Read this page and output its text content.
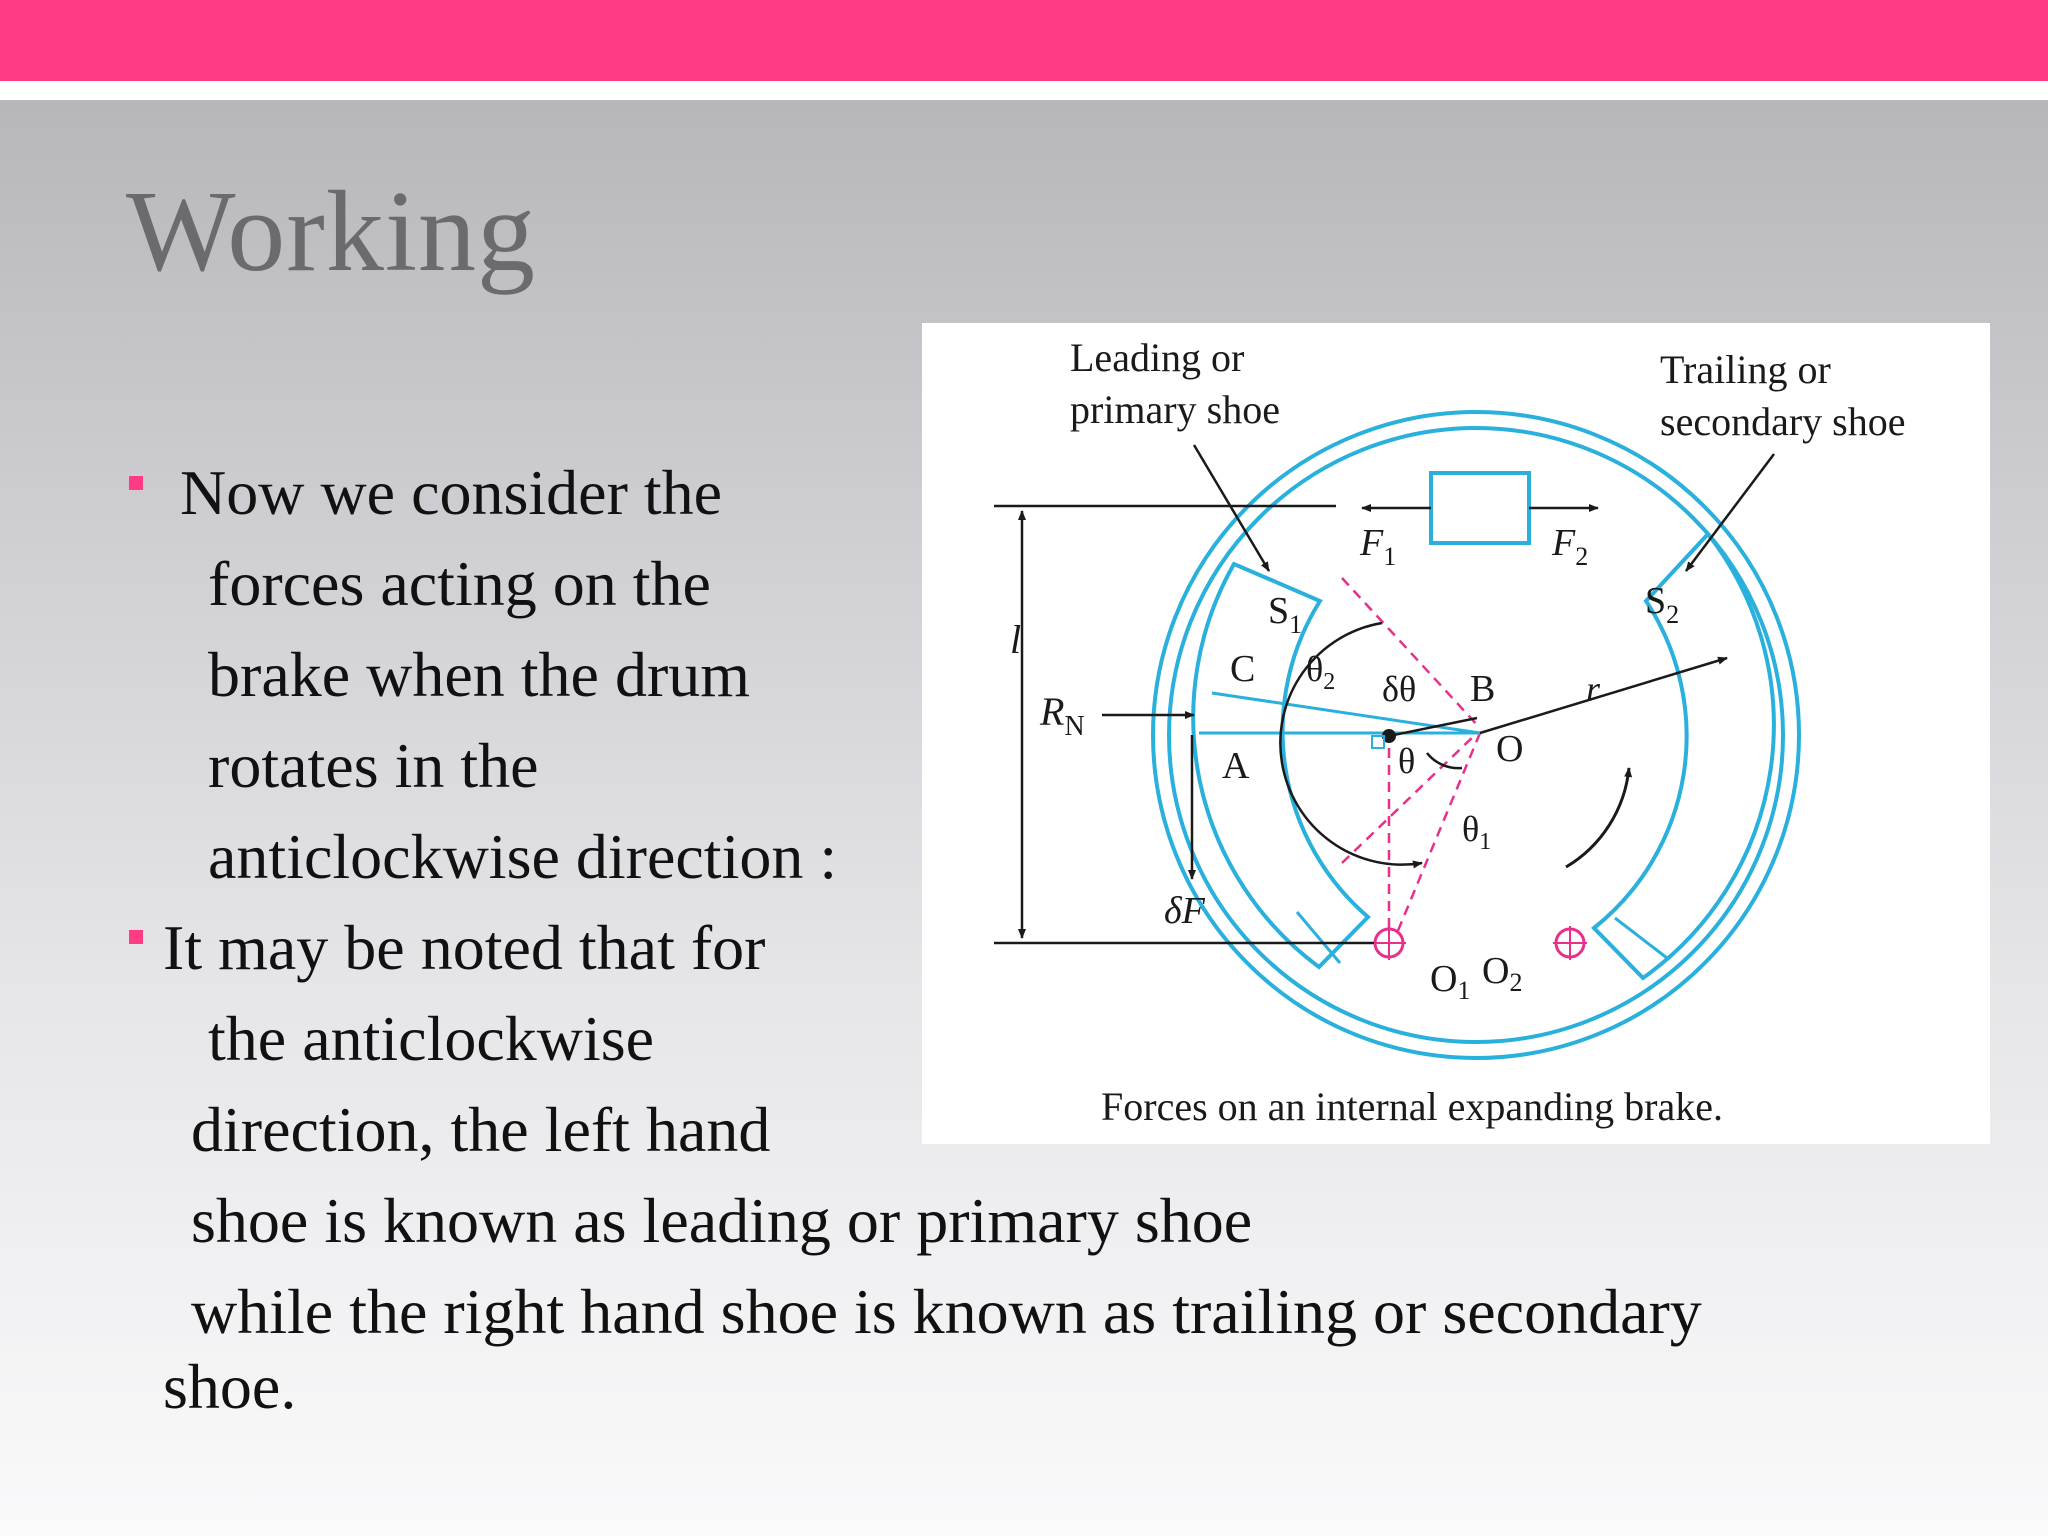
Working
Now we consider the
forces acting on the
brake when the drum
rotates in the
anticlockwise direction :
It may be noted that for
the anticlockwise
direction, the left hand
shoe is known as leading or primary shoe
while the right hand shoe is known as trailing or secondary
shoe.
Leading or
primary shoe
Trailing or
secondary shoe
$S_1$
$S_2$
$F_1$	$F_2$
l
$R_N$
C
A
B
O
r
$\theta_2$ δθ
θ
$\theta_1$
δF
$O_1$ $O_2$
Forces on an internal expanding brake.
